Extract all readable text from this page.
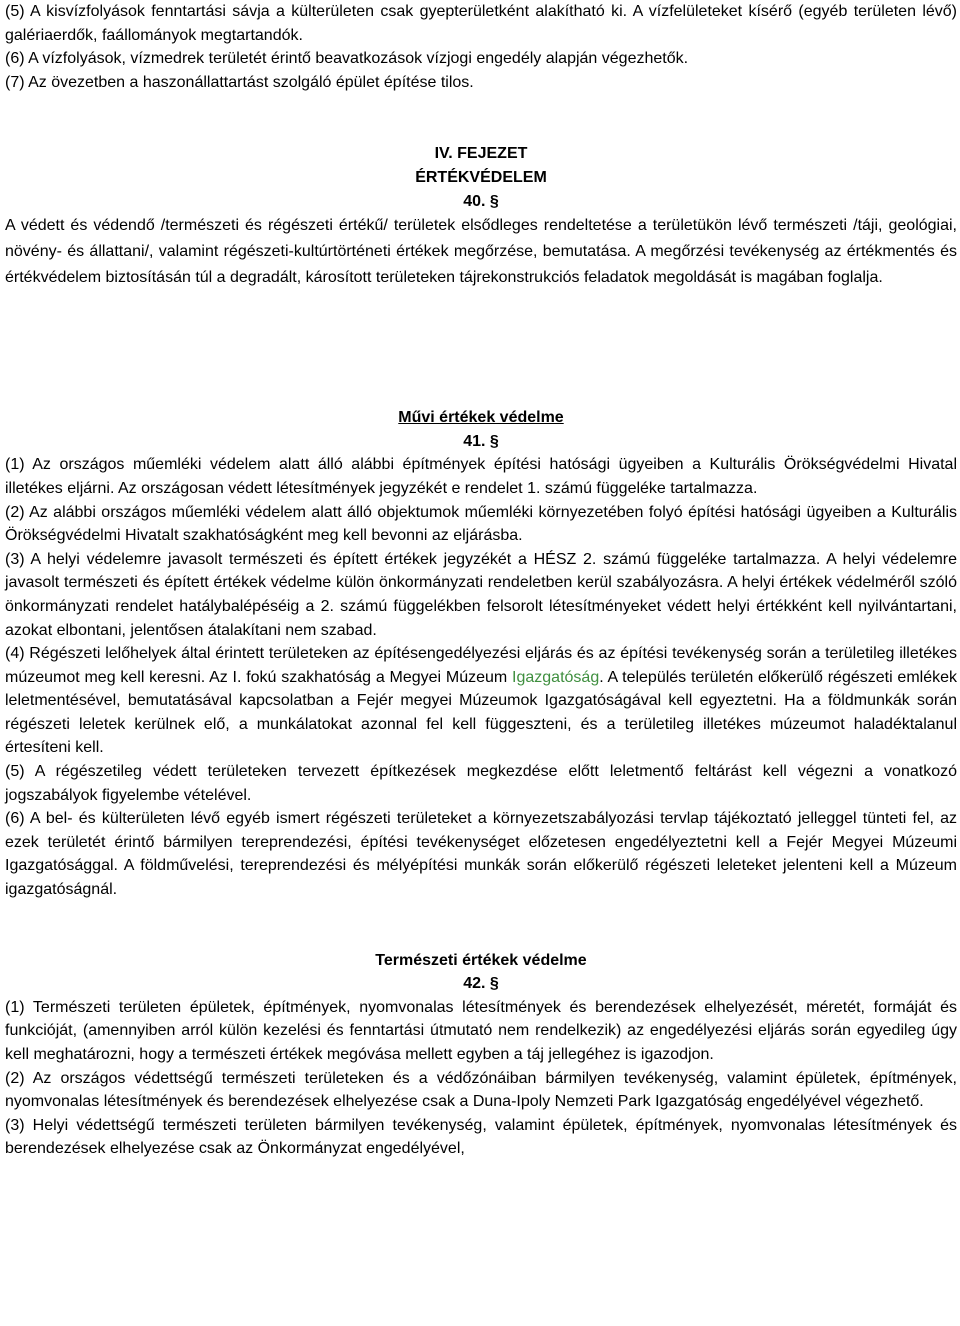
(5) A kisvízfolyások fenntartási sávja a külterületen csak gyepterületként alakítható ki. A vízfelületeket kísérő (egyéb területen lévő) galériaerdők, faállományok megtartandók.

(6) A vízfolyások, vízmedrek területét érintő beavatkozások vízjogi engedély alapján végezhetők.

(7) Az övezetben a haszonállattartást szolgáló épület építése tilos.

IV. FEJEZET

ÉRTÉKVÉDELEM

40. §

A védett és védendő /természeti és régészeti értékű/ területek elsődleges rendeltetése a területükön lévő természeti /táji, geológiai, növény- és állattani/, valamint régészeti-kultúrtörténeti értékek megőrzése, bemutatása. A megőrzési tevékenység az értékmentés és értékvédelem biztosításán túl a degradált, károsított területeken tájrekonstrukciós feladatok megoldását is magában foglalja.

Művi értékek védelme

41. §

(1) Az országos műemléki védelem alatt álló alábbi építmények építési hatósági ügyeiben a Kulturális Örökségvédelmi Hivatal illetékes eljárni. Az országosan védett létesítmények jegyzékét e rendelet 1. számú függeléke tartalmazza.

(2) Az alábbi országos műemléki védelem alatt álló objektumok műemléki környezetében folyó építési hatósági ügyeiben a Kulturális Örökségvédelmi Hivatalt szakhatóságként meg kell bevonni az eljárásba.

(3) A helyi védelemre javasolt természeti és épített értékek jegyzékét a HÉSZ 2. számú függeléke tartalmazza. A helyi védelemre javasolt természeti és épített értékek védelme külön önkormányzati rendeletben kerül szabályozásra. A helyi értékek védelméről szóló önkormányzati rendelet hatálybalépéséig a 2. számú függelékben felsorolt létesítményeket védett helyi értékként kell nyilvántartani, azokat elbontani, jelentősen átalakítani nem szabad.

(4) Régészeti lelőhelyek által érintett területeken az építésengedélyezési eljárás és az építési tevékenység során a területileg illetékes múzeumot meg kell keresni. Az I. fokú szakhatóság a Megyei Múzeum Igazgatóság. A település területén előkerülő régészeti emlékek leletmentésével, bemutatásával kapcsolatban a Fejér megyei Múzeumok Igazgatóságával kell egyeztetni. Ha a földmunkák során régészeti leletek kerülnek elő, a munkálatokat azonnal fel kell függeszteni, és a területileg illetékes múzeumot haladéktalanul értesíteni kell.

(5) A régészetileg védett területeken tervezett építkezések megkezdése előtt leletmentő feltárást kell végezni a vonatkozó jogszabályok figyelembe vételével.

(6) A bel- és külterületen lévő egyéb ismert régészeti területeket a környezetszabályozási tervlap tájékoztató jelleggel tünteti fel, az ezek területét érintő bármilyen tereprendezési, építési tevékenységet előzetesen engedélyeztetni kell a Fejér Megyei Múzeumi Igazgatósággal. A földművelési, tereprendezési és mélyépítési munkák során előkerülő régészeti leleteket jelenteni kell a Múzeum igazgatóságnál.

Természeti értékek védelme

42. §

(1) Természeti területen épületek, építmények, nyomvonalas létesítmények és berendezések elhelyezését, méretét, formáját és funkcióját, (amennyiben arról külön kezelési és fenntartási útmutató nem rendelkezik) az engedélyezési eljárás során egyedileg úgy kell meghatározni, hogy a természeti értékek megóvása mellett egyben a táj jellegéhez is igazodjon.

(2) Az országos védettségű természeti területeken és a védőzónáiban bármilyen tevékenység, valamint épületek, építmények, nyomvonalas létesítmények és berendezések elhelyezése csak a Duna-Ipoly Nemzeti Park Igazgatóság engedélyével végezhető.

(3) Helyi védettségű természeti területen bármilyen tevékenység, valamint épületek, építmények, nyomvonalas létesítmények és berendezések elhelyezése csak az Önkormányzat engedélyével,
